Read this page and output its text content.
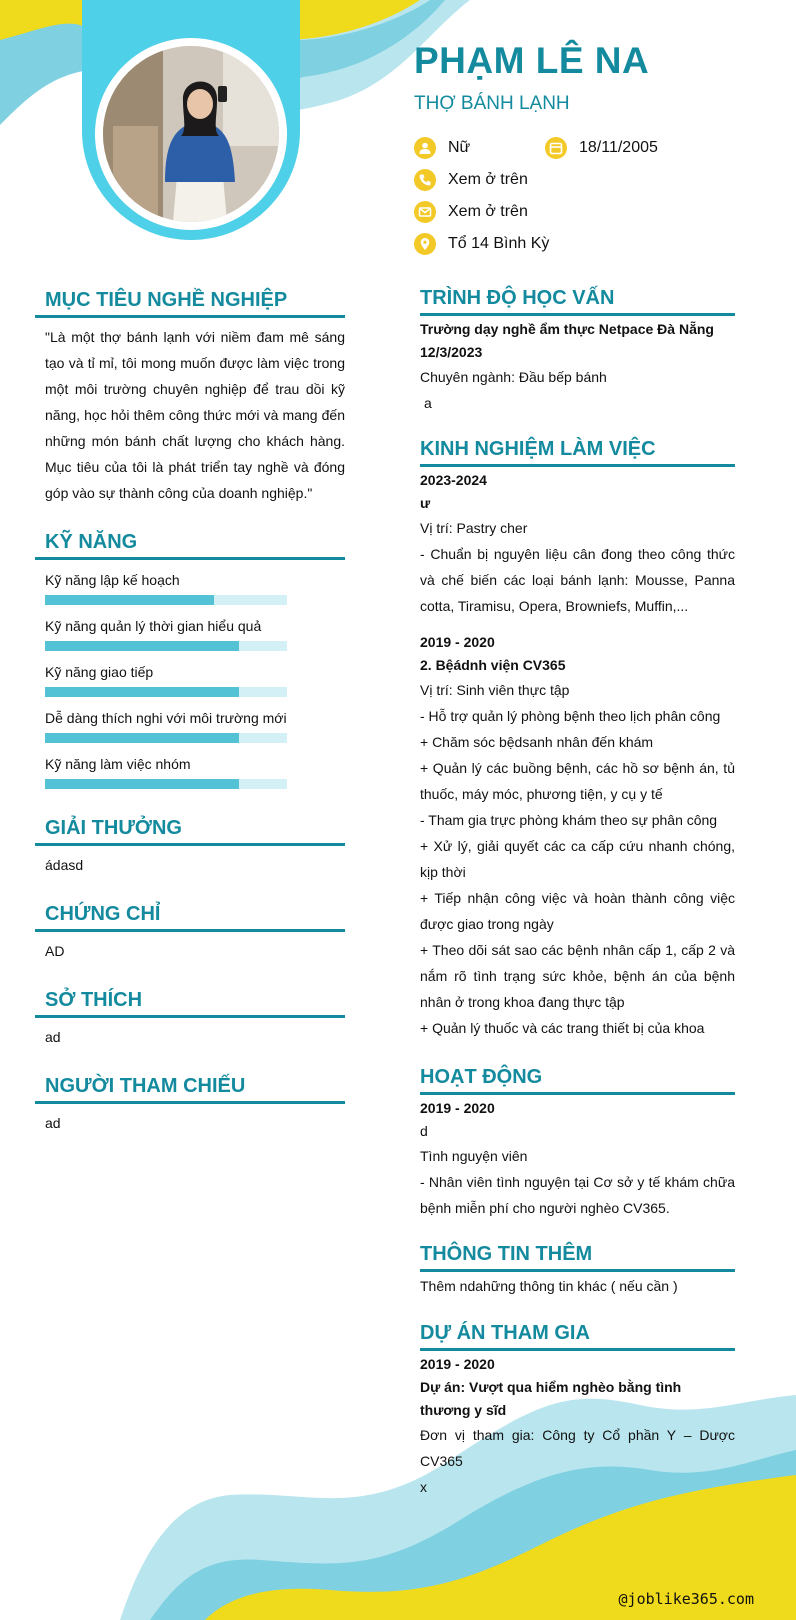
PHẠM LÊ NA
THỢ BÁNH LẠNH
Nữ	18/11/2005
Xem ở trên
Xem ở trên
Tổ 14 Bình Kỳ
MỤC TIÊU NGHỀ NGHIỆP
"Là một thợ bánh lạnh với niềm đam mê sáng tạo và tỉ mỉ, tôi mong muốn được làm việc trong một môi trường chuyên nghiệp để trau dồi kỹ năng, học hỏi thêm công thức mới và mang đến những món bánh chất lượng cho khách hàng. Mục tiêu của tôi là phát triển tay nghề và đóng góp vào sự thành công của doanh nghiệp."
KỸ NĂNG
Kỹ năng lập kế hoạch
Kỹ năng quản lý thời gian hiểu quả
Kỹ năng giao tiếp
Dễ dàng thích nghi với môi trường mới
Kỹ năng làm việc nhóm
GIẢI THƯỞNG
ádasd
CHỨNG CHỈ
AD
SỞ THÍCH
ad
NGƯỜI THAM CHIẾU
ad
TRÌNH ĐỘ HỌC VẤN
Trường dạy nghề ẩm thực Netpace Đà Nẵng
12/3/2023
Chuyên ngành: Đầu bếp bánh
a
KINH NGHIỆM LÀM VIỆC
2023-2024
ư
Vị trí: Pastry cher
- Chuẩn bị nguyên liệu cân đong theo công thức và chế biến các loại bánh lạnh: Mousse, Panna cotta, Tiramisu, Opera, Browniefs, Muffin,...
2019 - 2020
2. Bệádnh viện CV365
Vị trí: Sinh viên thực tập
- Hỗ trợ quản lý phòng bệnh theo lịch phân công
+ Chăm sóc bệdsanh nhân đến khám
+ Quản lý các buồng bệnh, các hồ sơ bệnh án, tủ thuốc, máy móc, phương tiện, y cụ y tế
- Tham gia trực phòng khám theo sự phân công
+ Xử lý, giải quyết các ca cấp cứu nhanh chóng, kịp thời
+ Tiếp nhận công việc và hoàn thành công việc được giao trong ngày
+ Theo dõi sát sao các bệnh nhân cấp 1, cấp 2 và nắm rõ tình trạng sức khỏe, bệnh án của bệnh nhân ở trong khoa đang thực tập
+ Quản lý thuốc và các trang thiết bị của khoa
HOẠT ĐỘNG
2019 - 2020
d
Tình nguyện viên
- Nhân viên tình nguyện tại Cơ sở y tế khám chữa bệnh miễn phí cho người nghèo CV365.
THÔNG TIN THÊM
Thêm ndahững thông tin khác ( nếu cần )
DỰ ÁN THAM GIA
2019 - 2020
Dự án: Vượt qua hiểm nghèo bằng tình thương y sĩd
Đơn vị tham gia: Công ty Cổ phần Y – Dược CV365
x
@joblike365.com
